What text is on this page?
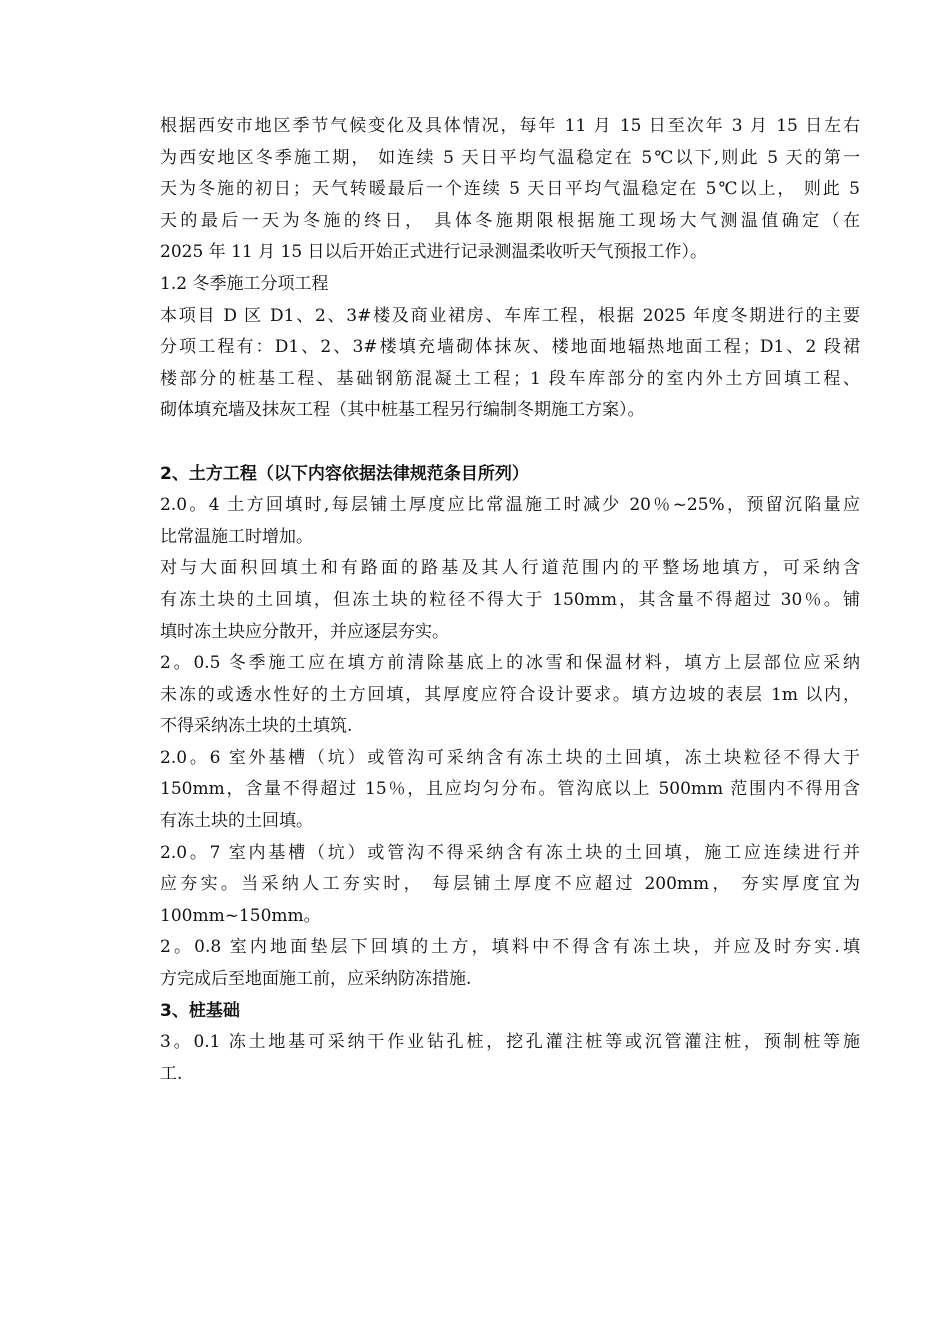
根据西安市地区季节气候变化及具体情况，每年 11 月 15 日至次年 3 月 15 日左右
为西安地区冬季施工期， 如连续 5 天日平均气温稳定在 5℃以下,则此 5 天的第一
天为冬施的初日；天气转暖最后一个连续 5 天日平均气温稳定在 5℃以上， 则此 5
天的最后一天为冬施的终日， 具体冬施期限根据施工现场大气测温值确定（在
2025 年 11 月 15 日以后开始正式进行记录测温柔收听天气预报工作）。
1.2 冬季施工分项工程
本项目 D 区 D1、2、3#楼及商业裙房、车库工程，根据 2025 年度冬期进行的主要
分项工程有：D1、2、3#楼填充墙砌体抹灰、楼地面地辐热地面工程；D1、2 段裙
楼部分的桩基工程、基础钢筋混凝土工程；1 段车库部分的室内外土方回填工程、
砌体填充墙及抹灰工程（其中桩基工程另行编制冬期施工方案）。
2、土方工程（以下内容依据法律规范条目所列）
2.0。4 土方回填时,每层铺土厚度应比常温施工时减少 20％~25%，预留沉陷量应
比常温施工时增加。
对与大面积回填土和有路面的路基及其人行道范围内的平整场地填方，可采纳含
有冻土块的土回填，但冻土块的粒径不得大于 150mm，其含量不得超过 30％。铺
填时冻土块应分散开，并应逐层夯实。
2。0.5 冬季施工应在填方前清除基底上的冰雪和保温材料，填方上层部位应采纳
未冻的或透水性好的土方回填，其厚度应符合设计要求。填方边坡的表层 1m 以内，
不得采纳冻土块的土填筑.
2.0。6 室外基槽（坑）或管沟可采纳含有冻土块的土回填，冻土块粒径不得大于
150mm，含量不得超过 15％，且应均匀分布。管沟底以上 500mm 范围内不得用含
有冻土块的土回填。
2.0。7 室内基槽（坑）或管沟不得采纳含有冻土块的土回填，施工应连续进行并
应夯实。当采纳人工夯实时， 每层铺土厚度不应超过 200mm， 夯实厚度宜为
100mm~150mm。
2。0.8 室内地面垫层下回填的土方，填料中不得含有冻土块，并应及时夯实.填
方完成后至地面施工前，应采纳防冻措施.
3、桩基础
3。0.1 冻土地基可采纳干作业钻孔桩，挖孔灌注桩等或沉管灌注桩，预制桩等施
工.
